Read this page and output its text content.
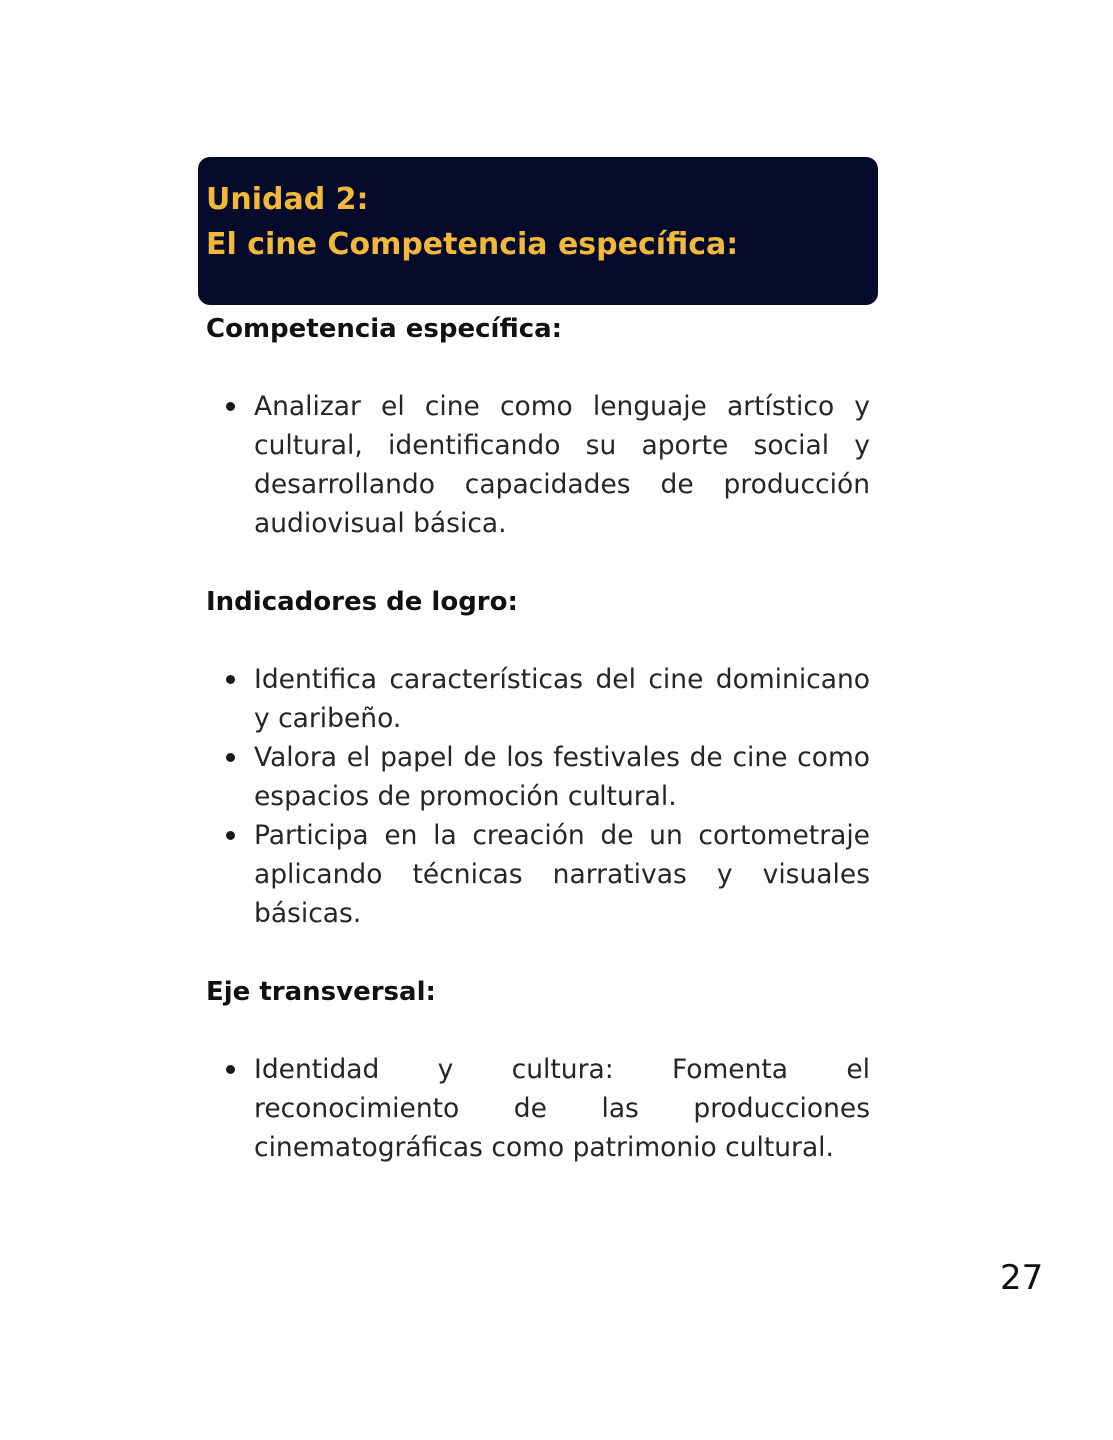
Unidad 2:
El cine Competencia específica:
Competencia específica:
Analizar el cine como lenguaje artístico y cultural, identificando su aporte social y desarrollando capacidades de producción audiovisual básica.
Indicadores de logro:
Identifica características del cine dominicano y caribeño.
Valora el papel de los festivales de cine como espacios de promoción cultural.
Participa en la creación de un cortometraje aplicando técnicas narrativas y visuales básicas.
Eje transversal:
Identidad y cultura: Fomenta el reconocimiento de las producciones cinematográficas como patrimonio cultural.
27
